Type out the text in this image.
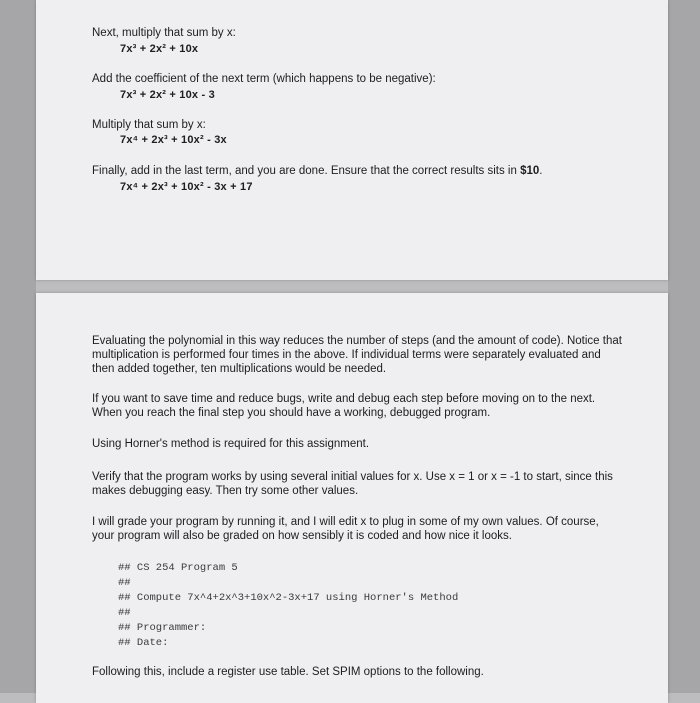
Next, multiply that sum by x:
7x³ + 2x² + 10x
Add the coefficient of the next term (which happens to be negative):
7x³ + 2x² + 10x - 3
Multiply that sum by x:
7x⁴ + 2x³ + 10x² - 3x
Finally, add in the last term, and you are done. Ensure that the correct results sits in $10.
7x⁴ + 2x³ + 10x² - 3x + 17
Evaluating the polynomial in this way reduces the number of steps (and the amount of code). Notice that multiplication is performed four times in the above. If individual terms were separately evaluated and then added together, ten multiplications would be needed.
If you want to save time and reduce bugs, write and debug each step before moving on to the next. When you reach the final step you should have a working, debugged program.
Using Horner's method is required for this assignment.
Verify that the program works by using several initial values for x. Use x = 1 or x = -1 to start, since this makes debugging easy. Then try some other values.
I will grade your program by running it, and I will edit x to plug in some of my own values. Of course, your program will also be graded on how sensibly it is coded and how nice it looks.
## CS 254 Program 5
##
## Compute 7x^4+2x^3+10x^2-3x+17 using Horner's Method
##
## Programmer:
## Date:
Following this, include a register use table. Set SPIM options to the following.
